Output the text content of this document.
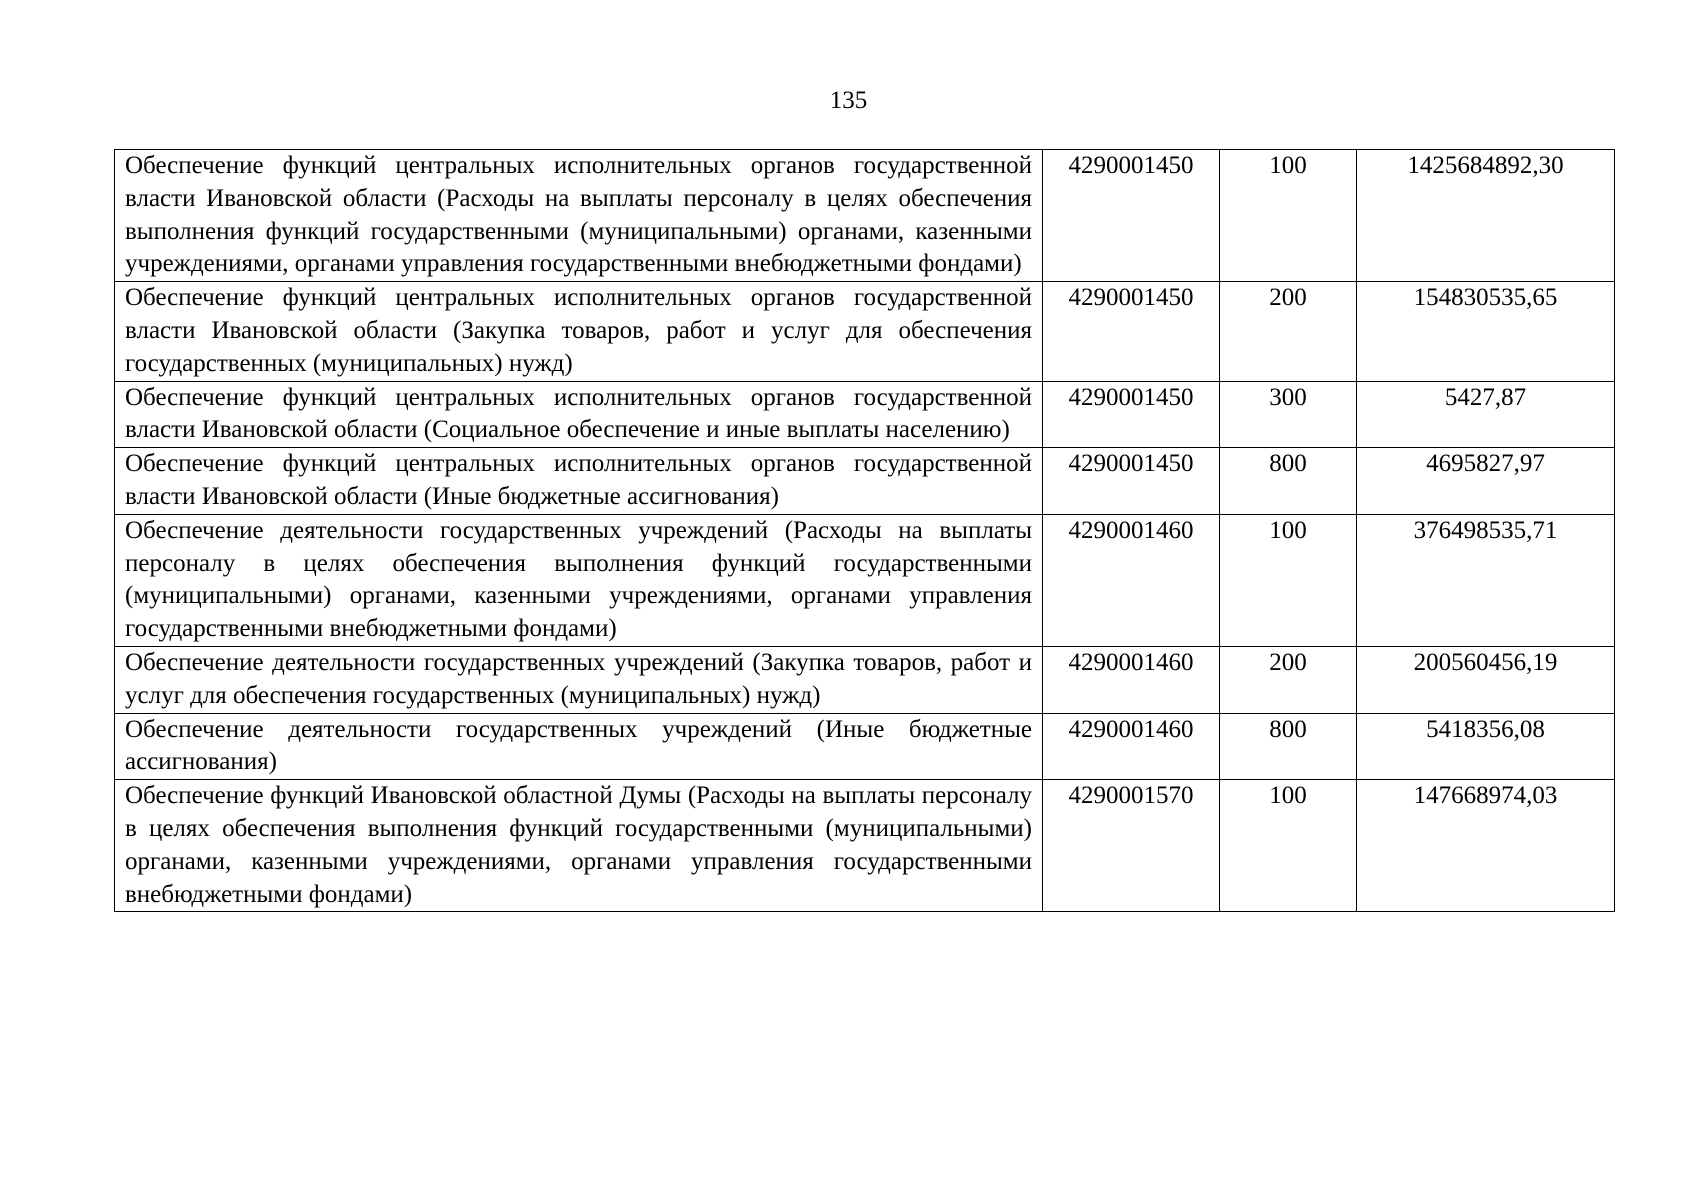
135
Обеспечение функций центральных исполнительных органов государственной власти Ивановской области (Расходы на выплаты персоналу в целях обеспечения выполнения функций государственными (муниципальными) органами, казенными учреждениями, органами управления государственными внебюджетными фондами)	4290001450	100	1425684892,30
Обеспечение функций центральных исполнительных органов государственной власти Ивановской области (Закупка товаров, работ и услуг для обеспечения государственных (муниципальных) нужд)	4290001450	200	154830535,65
Обеспечение функций центральных исполнительных органов государственной власти Ивановской области (Социальное обеспечение и иные выплаты населению)	4290001450	300	5427,87
Обеспечение функций центральных исполнительных органов государственной власти Ивановской области (Иные бюджетные ассигнования)	4290001450	800	4695827,97
Обеспечение деятельности государственных учреждений (Расходы на выплаты персоналу в целях обеспечения выполнения функций государственными (муниципальными) органами, казенными учреждениями, органами управления государственными внебюджетными фондами)	4290001460	100	376498535,71
Обеспечение деятельности государственных учреждений (Закупка товаров, работ и услуг для обеспечения государственных (муниципальных) нужд)	4290001460	200	200560456,19
Обеспечение деятельности государственных учреждений (Иные бюджетные ассигнования)	4290001460	800	5418356,08
Обеспечение функций Ивановской областной Думы (Расходы на выплаты персоналу в целях обеспечения выполнения функций государственными (муниципальными) органами, казенными учреждениями, органами управления государственными внебюджетными фондами)	4290001570	100	147668974,03
